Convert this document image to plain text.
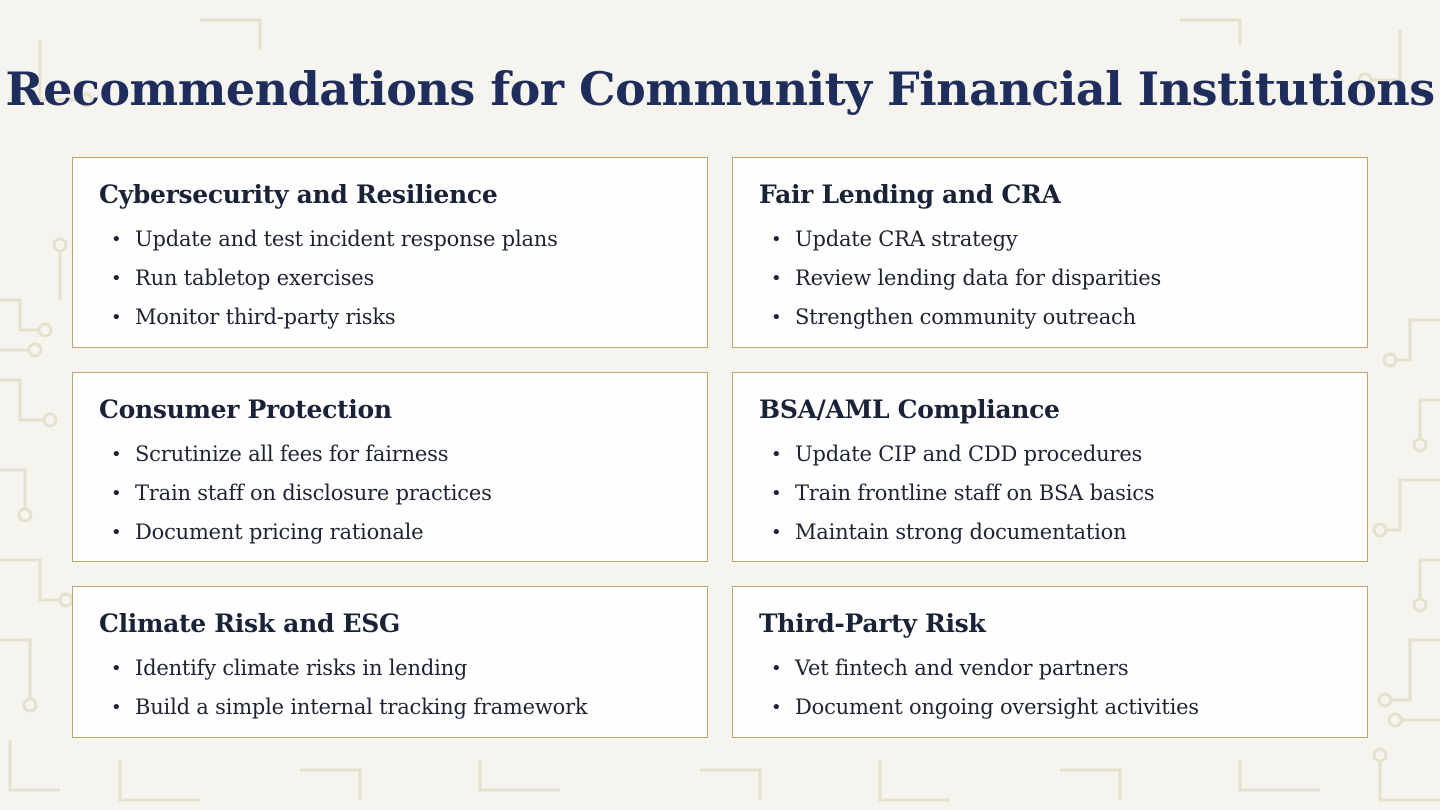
Recommendations for Community Financial Institutions
Cybersecurity and Resilience
• Update and test incident response plans
• Run tabletop exercises
• Monitor third-party risks
Fair Lending and CRA
• Update CRA strategy
• Review lending data for disparities
• Strengthen community outreach
Consumer Protection
• Scrutinize all fees for fairness
• Train staff on disclosure practices
• Document pricing rationale
BSA/AML Compliance
• Update CIP and CDD procedures
• Train frontline staff on BSA basics
• Maintain strong documentation
Climate Risk and ESG
• Identify climate risks in lending
• Build a simple internal tracking framework
Third-Party Risk
• Vet fintech and vendor partners
• Document ongoing oversight activities
